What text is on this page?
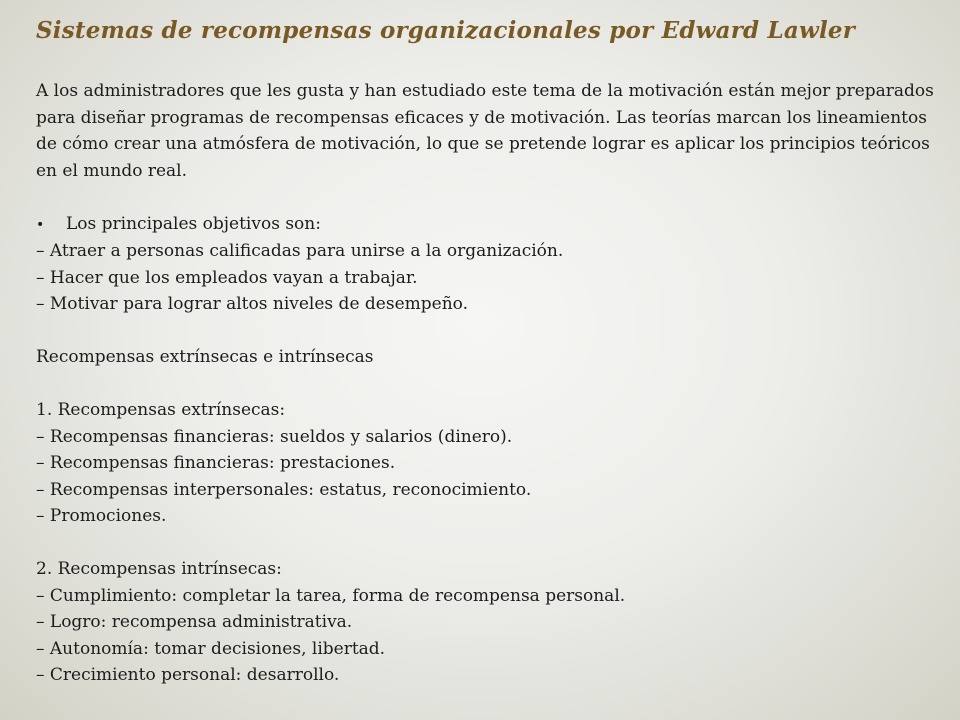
Sistemas de recompensas organizacionales por Edward Lawler

A los administradores que les gusta y han estudiado este tema de la motivación están mejor preparados para diseñar programas de recompensas eficaces y de motivación. Las teorías marcan los lineamientos de cómo crear una atmósfera de motivación, lo que se pretende lograr es aplicar los principios teóricos en el mundo real.

•
Los principales objetivos son:
– Atraer a personas calificadas para unirse a la organización.
– Hacer que los empleados vayan a trabajar.
– Motivar para lograr altos niveles de desempeño.
Recompensas extrínsecas e intrínsecas
1. Recompensas extrínsecas:
– Recompensas financieras: sueldos y salarios (dinero).
– Recompensas financieras: prestaciones.
– Recompensas interpersonales: estatus, reconocimiento.
– Promociones.
2. Recompensas intrínsecas:
– Cumplimiento: completar la tarea, forma de recompensa personal.
– Logro: recompensa administrativa.
– Autonomía: tomar decisiones, libertad.
– Crecimiento personal: desarrollo.
